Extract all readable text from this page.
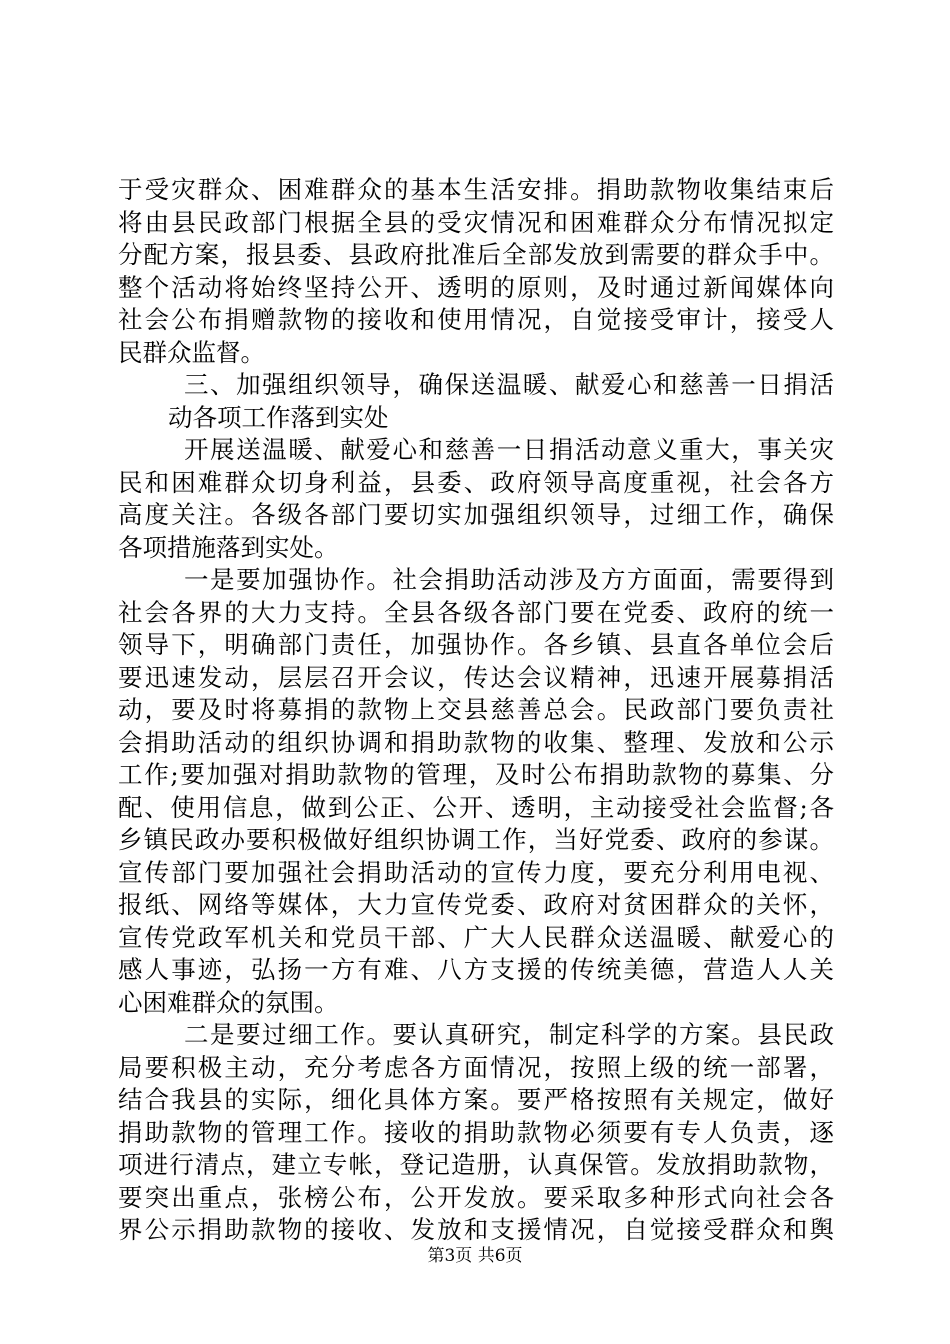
于受灾群众、困难群众的基本生活安排。捐助款物收集结束后
将由县民政部门根据全县的受灾情况和困难群众分布情况拟定
分配方案，报县委、县政府批准后全部发放到需要的群众手中。
整个活动将始终坚持公开、透明的原则，及时通过新闻媒体向
社会公布捐赠款物的接收和使用情况，自觉接受审计，接受人
民群众监督。
三、加强组织领导，确保送温暖、献爱心和慈善一日捐活
动各项工作落到实处
开展送温暖、献爱心和慈善一日捐活动意义重大，事关灾
民和困难群众切身利益，县委、政府领导高度重视，社会各方
高度关注。各级各部门要切实加强组织领导，过细工作，确保
各项措施落到实处。
一是要加强协作。社会捐助活动涉及方方面面，需要得到
社会各界的大力支持。全县各级各部门要在党委、政府的统一
领导下，明确部门责任，加强协作。各乡镇、县直各单位会后
要迅速发动，层层召开会议，传达会议精神，迅速开展募捐活
动，要及时将募捐的款物上交县慈善总会。民政部门要负责社
会捐助活动的组织协调和捐助款物的收集、整理、发放和公示
工作;要加强对捐助款物的管理，及时公布捐助款物的募集、分
配、使用信息，做到公正、公开、透明，主动接受社会监督;各
乡镇民政办要积极做好组织协调工作，当好党委、政府的参谋。
宣传部门要加强社会捐助活动的宣传力度，要充分利用电视、
报纸、网络等媒体，大力宣传党委、政府对贫困群众的关怀，
宣传党政军机关和党员干部、广大人民群众送温暖、献爱心的
感人事迹，弘扬一方有难、八方支援的传统美德，营造人人关
心困难群众的氛围。
二是要过细工作。要认真研究，制定科学的方案。县民政
局要积极主动，充分考虑各方面情况，按照上级的统一部署，
结合我县的实际，细化具体方案。要严格按照有关规定，做好
捐助款物的管理工作。接收的捐助款物必须要有专人负责，逐
项进行清点，建立专帐，登记造册，认真保管。发放捐助款物，
要突出重点，张榜公布，公开发放。要采取多种形式向社会各
界公示捐助款物的接收、发放和支援情况，自觉接受群众和舆
第3页 共6页
